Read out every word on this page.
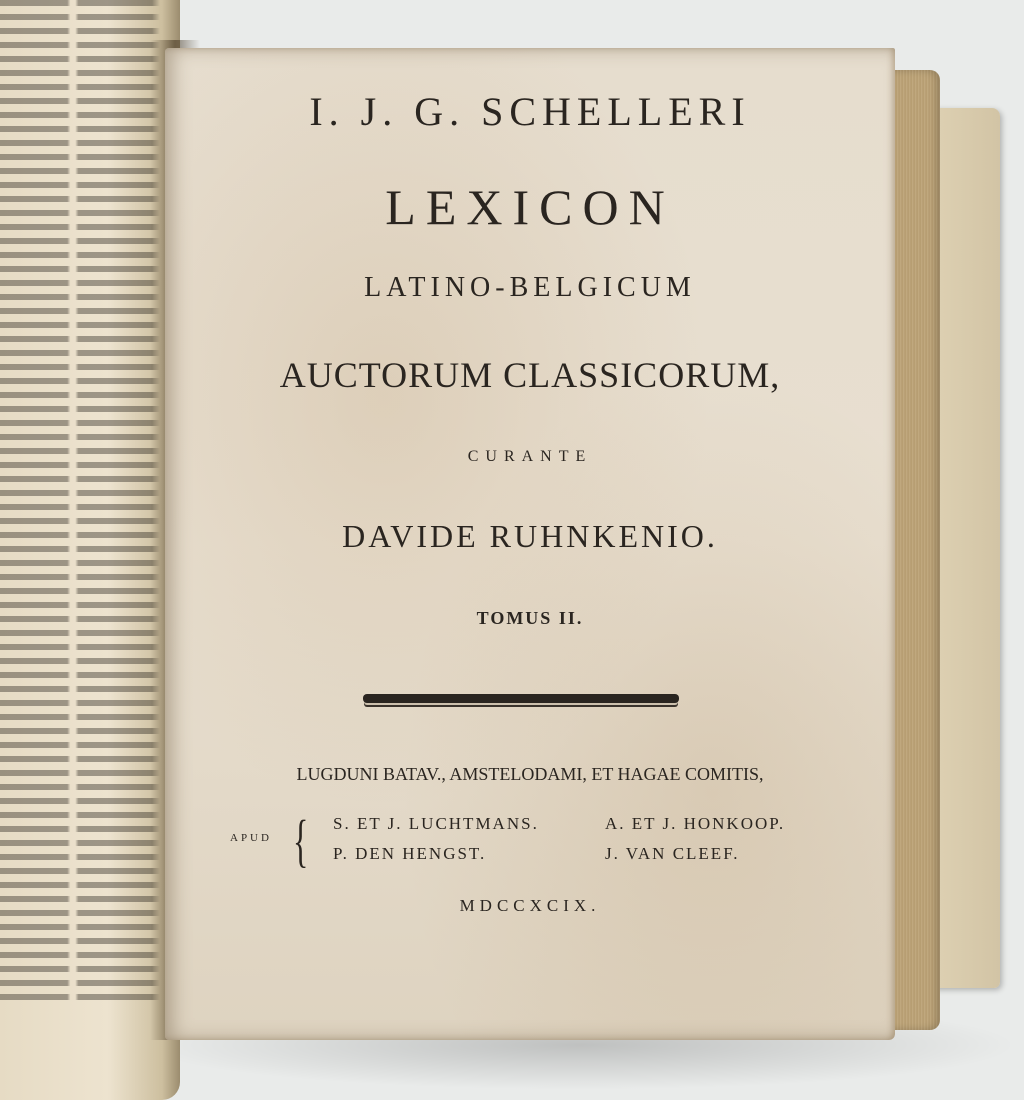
I. J. G. SCHELLERI
LEXICON
LATINO-BELGICUM
AUCTORUM CLASSICORUM,
CURANTE
DAVIDE RUHNKENIO.
TOMUS II.
LUGDUNI BATAV., AMSTELODAMI, ET HAGAE COMITIS,
APUD { S. ET J. LUCHTMANS.	A. ET J. HONKOOP.
P. DEN HENGST.	J. VAN CLEEF.
MDCCXCIX.
